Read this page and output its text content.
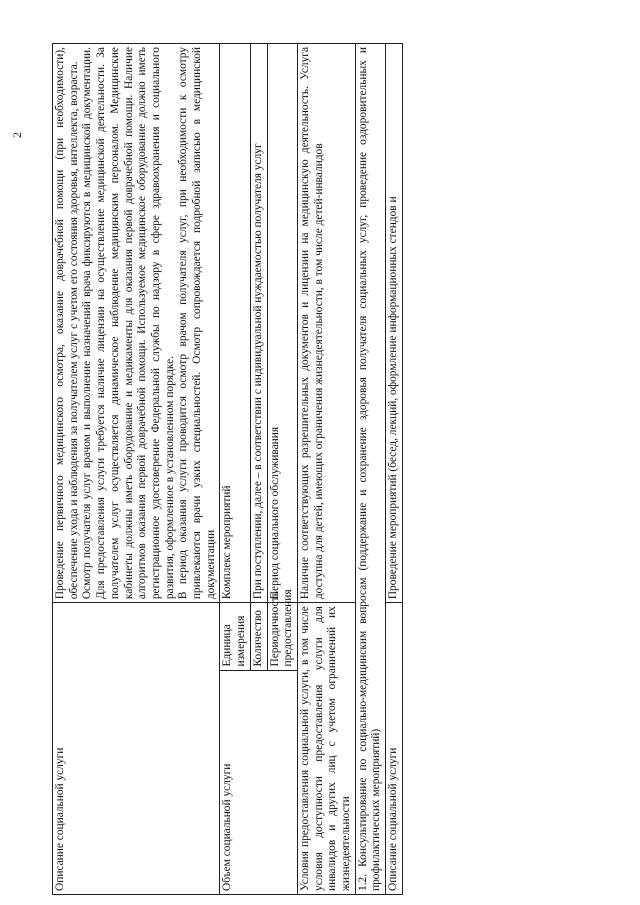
2
Описание социальной услуги		Проведение первичного медицинского осмотра, оказание доврачебной помощи (при необходимости), обеспечение ухода и наблюдения за получателем услуг с учетом его состояния здоровья, интеллекта, возраста. Осмотр получателя услуг врачом и выполнение назначений врача фиксируются в медицинской документации. Для предоставления услуги требуется наличие лицензии на осуществление медицинской деятельности. За получателем услуг осуществляется динамическое наблюдение медицинским персоналом. Медицинские кабинеты должны иметь оборудование и медикаменты для оказания первой доврачебной помощи. Наличие алгоритмов оказания первой доврачебной помощи. Используемое медицинское оборудование должно иметь регистрационное удостоверение Федеральной службы по надзору в сфере здравоохранения и социального развития, оформленное в установленном порядке. В период оказания услуги проводится осмотр врачом получателя услуг, при необходимости к осмотру привлекаются врачи узких специальностей. Осмотр сопровождается подробной записью в медицинской документации

Объем социальной услуги	Единица измерения	Комплекс мероприятий
	Количество	При поступлении, далее – в соответствии с индивидуальной нуждаемостью получателя услуг
	Периодичность предоставления	Период социального обслуживания
Условия предоставления социальной услуги, в том числе условия доступности предоставления услуги для инвалидов и других лиц с учетом ограничений их жизнедеятельности		Наличие соответствующих разрешительных документов и лицензии на медицинскую деятельность. Услуга доступна для детей, имеющих ограничения жизнедеятельности, в том числе детей-инвалидов
1.2. Консультирование по социально-медицинским вопросам (поддержание и сохранение здоровья получателя социальных услуг, проведение оздоровительных и профилактических мероприятий)		
Описание социальной услуги		Проведение мероприятий (бесед, лекций, оформление информационных стендов и
